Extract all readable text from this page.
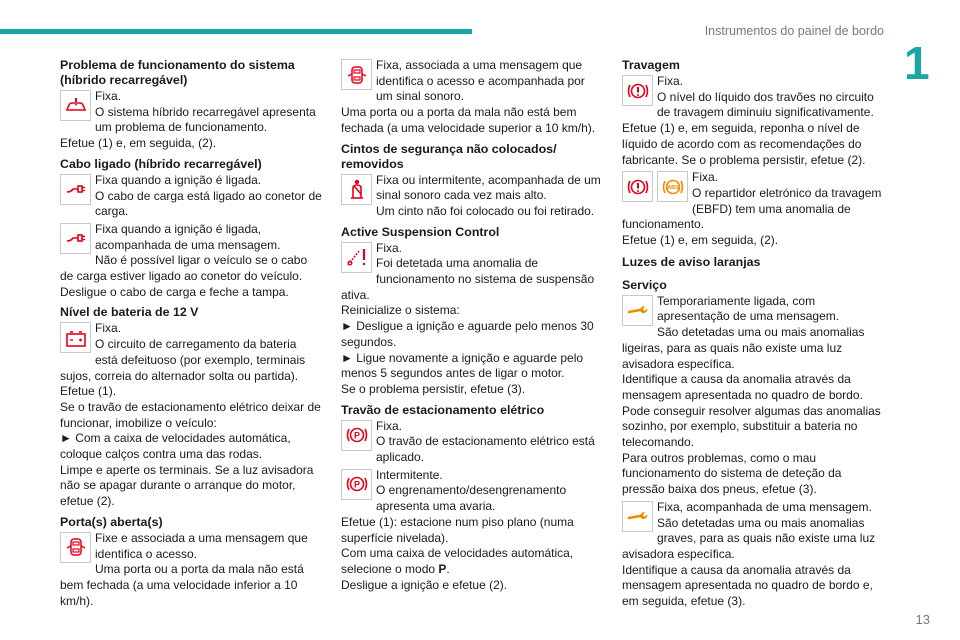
Instrumentos do painel de bordo
1
Problema de funcionamento do sistema (híbrido recarregável)
Fixa.
O sistema híbrido recarregável apresenta um problema de funcionamento.
Efetue (1) e, em seguida, (2).
Cabo ligado (híbrido recarregável)
Fixa quando a ignição é ligada.
O cabo de carga está ligado ao conetor de carga.
Fixa quando a ignição é ligada, acompanhada de uma mensagem.
Não é possível ligar o veículo se o cabo de carga estiver ligado ao conetor do veículo.
Desligue o cabo de carga e feche a tampa.
Nível de bateria de 12 V
Fixa.
O circuito de carregamento da bateria está defeituoso (por exemplo, terminais sujos, correia do alternador solta ou partida).
Efetue (1).
Se o travão de estacionamento elétrico deixar de funcionar, imobilize o veículo:
► Com a caixa de velocidades automática, coloque calços contra uma das rodas.
Limpe e aperte os terminais. Se a luz avisadora não se apagar durante o arranque do motor, efetue (2).
Porta(s) aberta(s)
Fixe e associada a uma mensagem que identifica o acesso.
Uma porta ou a porta da mala não está bem fechada (a uma velocidade inferior a 10 km/h).
Fixa, associada a uma mensagem que identifica o acesso e acompanhada por um sinal sonoro.
Uma porta ou a porta da mala não está bem fechada (a uma velocidade superior a 10 km/h).
Cintos de segurança não colocados/ removidos
Fixa ou intermitente, acompanhada de um sinal sonoro cada vez mais alto.
Um cinto não foi colocado ou foi retirado.
Active Suspension Control
Fixa.
Foi detetada uma anomalia de funcionamento no sistema de suspensão ativa.
Reinicialize o sistema:
► Desligue a ignição e aguarde pelo menos 30 segundos.
► Ligue novamente a ignição e aguarde pelo menos 5 segundos antes de ligar o motor.
Se o problema persistir, efetue (3).
Travão de estacionamento elétrico
P
Fixa.
O travão de estacionamento elétrico está aplicado.
P
Intermitente.
O engrenamento/desengrenamento apresenta uma avaria.
Efetue (1): estacione num piso plano (numa superfície nivelada).
Com uma caixa de velocidades automática, selecione o modo P.
Desligue a ignição e efetue (2).
Travagem
Fixa.
O nível do líquido dos travões no circuito de travagem diminuiu significativamente.
Efetue (1) e, em seguida, reponha o nível de líquido de acordo com as recomendações do fabricante. Se o problema persistir, efetue (2).
ABS
Fixa.
O repartidor eletrónico da travagem (EBFD) tem uma anomalia de funcionamento.
Efetue (1) e, em seguida, (2).
Luzes de aviso laranjas
Serviço
Temporariamente ligada, com apresentação de uma mensagem.
São detetadas uma ou mais anomalias ligeiras, para as quais não existe uma luz avisadora específica.
Identifique a causa da anomalia através da mensagem apresentada no quadro de bordo.
Pode conseguir resolver algumas das anomalias sozinho, por exemplo, substituir a bateria no telecomando.
Para outros problemas, como o mau funcionamento do sistema de deteção da pressão baixa dos pneus, efetue (3).
Fixa, acompanhada de uma mensagem.
São detetadas uma ou mais anomalias graves, para as quais não existe uma luz avisadora específica.
Identifique a causa da anomalia através da mensagem apresentada no quadro de bordo e, em seguida, efetue (3).
13
